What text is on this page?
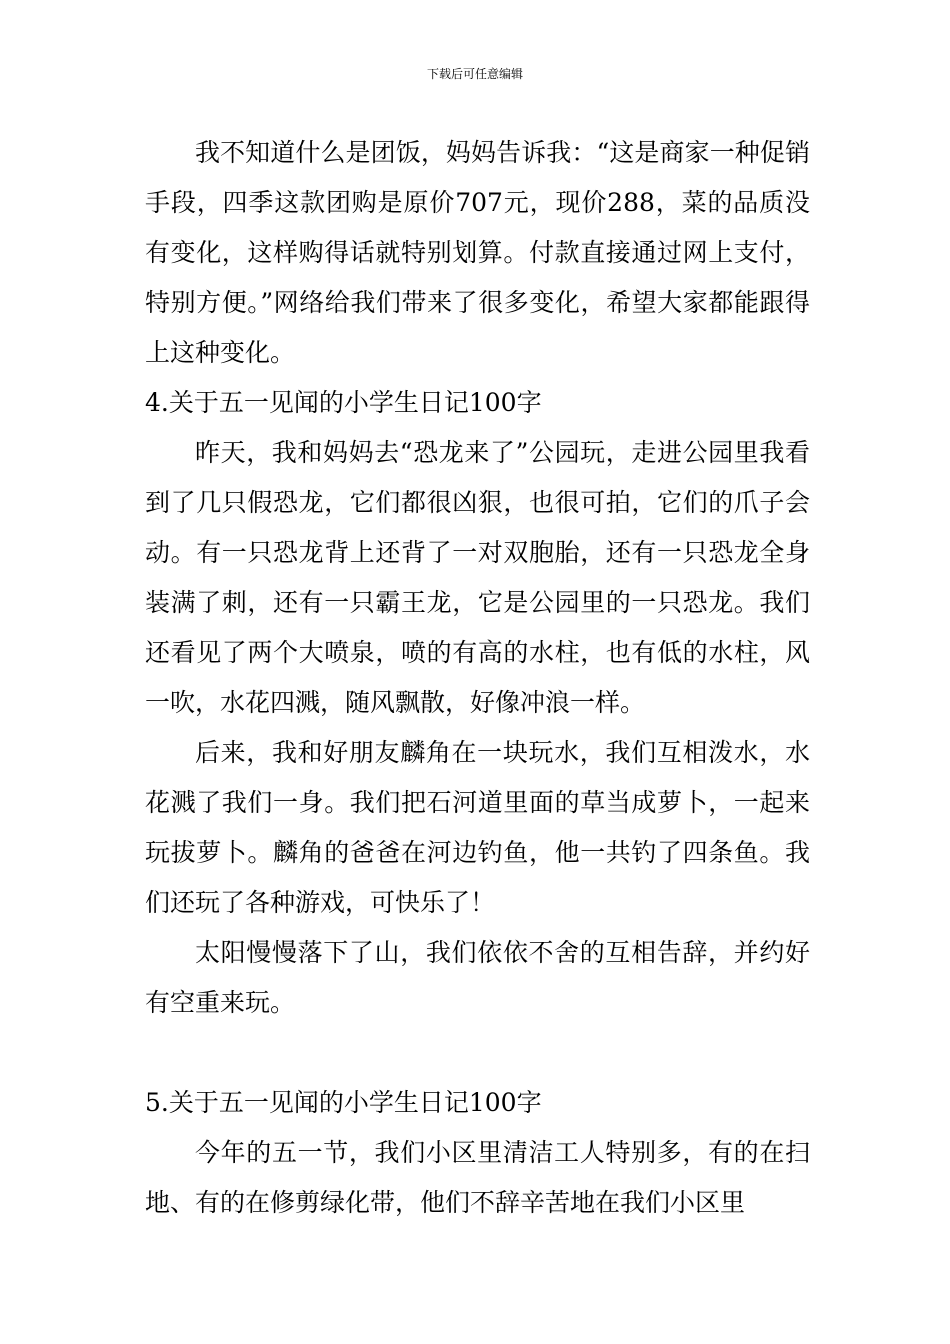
下载后可任意编辑

我不知道什么是团饭，妈妈告诉我：“这是商家一种促销手段，四季这款团购是原价707元，现价288，菜的品质没有变化，这样购得话就特别划算。付款直接通过网上支付，特别方便。”网络给我们带来了很多变化，希望大家都能跟得上这种变化。

4.关于五一见闻的小学生日记100字

昨天，我和妈妈去“恐龙来了”公园玩，走进公园里我看到了几只假恐龙，它们都很凶狠，也很可拍，它们的爪子会动。有一只恐龙背上还背了一对双胞胎，还有一只恐龙全身装满了刺，还有一只霸王龙，它是公园里的一只恐龙。我们还看见了两个大喷泉，喷的有高的水柱，也有低的水柱，风一吹，水花四溅，随风飘散，好像冲浪一样。

后来，我和好朋友麟角在一块玩水，我们互相泼水，水花溅了我们一身。我们把石河道里面的草当成萝卜，一起来玩拔萝卜。麟角的爸爸在河边钓鱼，他一共钓了四条鱼。我们还玩了各种游戏，可快乐了！

太阳慢慢落下了山，我们依依不舍的互相告辞，并约好有空重来玩。

5.关于五一见闻的小学生日记100字

今年的五一节，我们小区里清洁工人特别多，有的在扫地、有的在修剪绿化带，他们不辞辛苦地在我们小区里
